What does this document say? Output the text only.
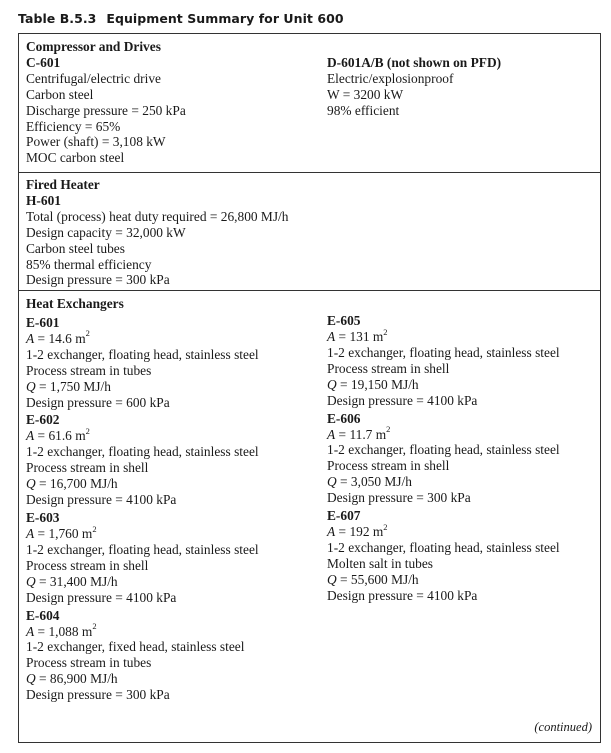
Table B.5.3 Equipment Summary for Unit 600
Compressor and Drives
C-601
Centrifugal/electric drive
Carbon steel
Discharge pressure = 250 kPa
Efficiency = 65%
Power (shaft) = 3,108 kW
MOC carbon steel
D-601A/B (not shown on PFD)
Electric/explosionproof
W = 3200 kW
98% efficient
Fired Heater
H-601
Total (process) heat duty required = 26,800 MJ/h
Design capacity = 32,000 kW
Carbon steel tubes
85% thermal efficiency
Design pressure = 300 kPa
Heat Exchangers
E-601
A = 14.6 $m^2$
1-2 exchanger, floating head, stainless steel
Process stream in tubes
Q = 1,750 MJ/h
Design pressure = 600 kPa
E-602
A = 61.6 $m^2$
1-2 exchanger, floating head, stainless steel
Process stream in shell
Q = 16,700 MJ/h
Design pressure = 4100 kPa
E-603
A = 1,760 $m^2$
1-2 exchanger, floating head, stainless steel
Process stream in shell
Q = 31,400 MJ/h
Design pressure = 4100 kPa
E-604
A = 1,088 $m^2$
1-2 exchanger, fixed head, stainless steel
Process stream in tubes
Q = 86,900 MJ/h
Design pressure = 300 kPa
E-605
A = 131 $m^2$
1-2 exchanger, floating head, stainless steel
Process stream in shell
Q = 19,150 MJ/h
Design pressure = 4100 kPa
E-606
A = 11.7 $m^2$
1-2 exchanger, floating head, stainless steel
Process stream in shell
Q = 3,050 MJ/h
Design pressure = 300 kPa
E-607
A = 192 $m^2$
1-2 exchanger, floating head, stainless steel
Molten salt in tubes
Q = 55,600 MJ/h
Design pressure = 4100 kPa
(continued)
